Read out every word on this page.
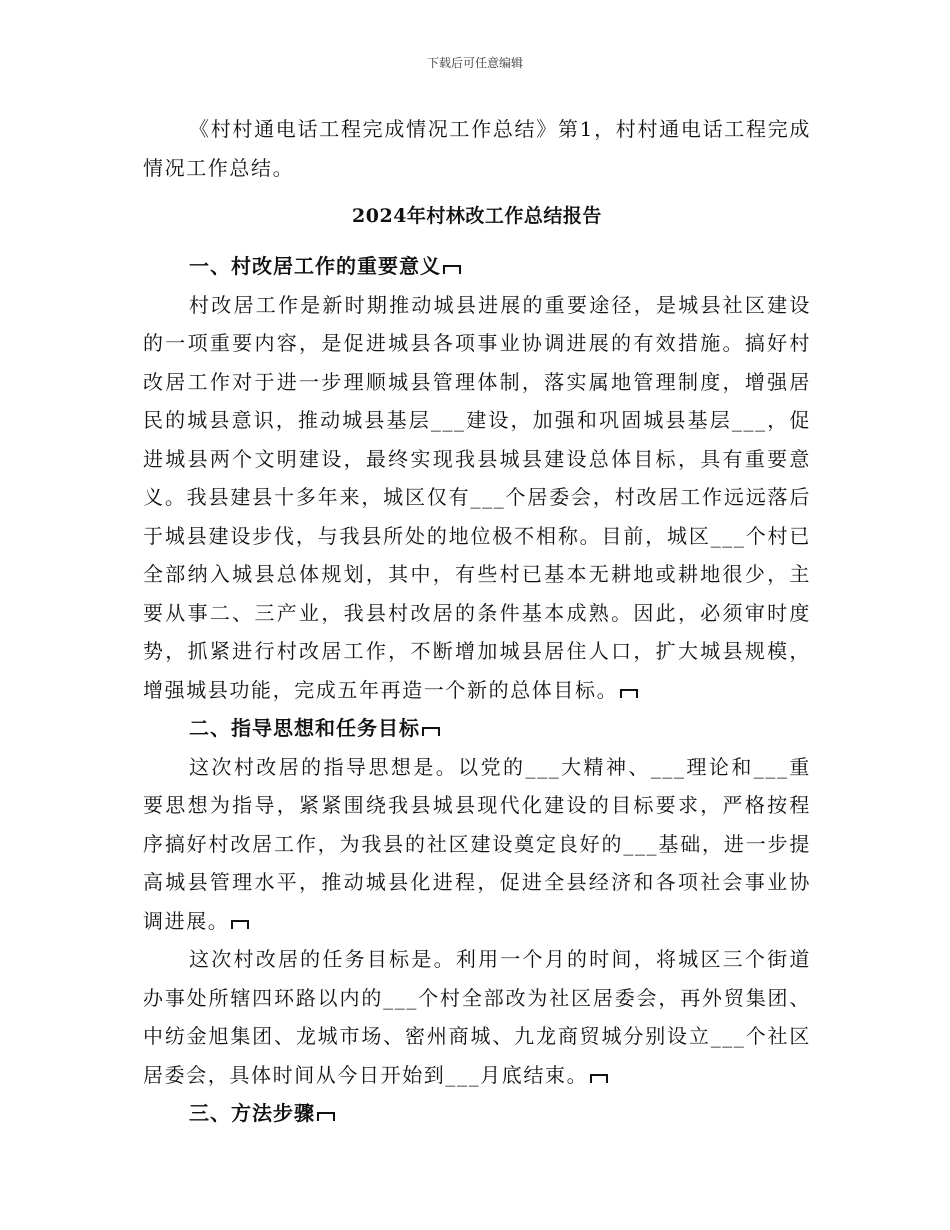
下载后可任意编辑

《村村通电话工程完成情况工作总结》第1，村村通电话工程完成情况工作总结。

2024年村林改工作总结报告
一、村改居工作的重要意义

村改居工作是新时期推动城县进展的重要途径，是城县社区建设的一项重要内容，是促进城县各项事业协调进展的有效措施。搞好村改居工作对于进一步理顺城县管理体制，落实属地管理制度，增强居民的城县意识，推动城县基层___建设，加强和巩固城县基层___，促进城县两个文明建设，最终实现我县城县建设总体目标，具有重要意义。我县建县十多年来，城区仅有___个居委会，村改居工作远远落后于城县建设步伐，与我县所处的地位极不相称。目前，城区___个村已全部纳入城县总体规划，其中，有些村已基本无耕地或耕地很少，主要从事二、三产业，我县村改居的条件基本成熟。因此，必须审时度势，抓紧进行村改居工作，不断增加城县居住人口，扩大城县规模，增强城县功能，完成五年再造一个新的总体目标。

二、指导思想和任务目标

这次村改居的指导思想是。以党的___大精神、___理论和___重要思想为指导，紧紧围绕我县城县现代化建设的目标要求，严格按程序搞好村改居工作，为我县的社区建设奠定良好的___基础，进一步提高城县管理水平，推动城县化进程，促进全县经济和各项社会事业协调进展。

这次村改居的任务目标是。利用一个月的时间，将城区三个街道办事处所辖四环路以内的___个村全部改为社区居委会，再外贸集团、中纺金旭集团、龙城市场、密州商城、九龙商贸城分别设立___个社区居委会，具体时间从今日开始到___月底结束。

三、方法步骤
